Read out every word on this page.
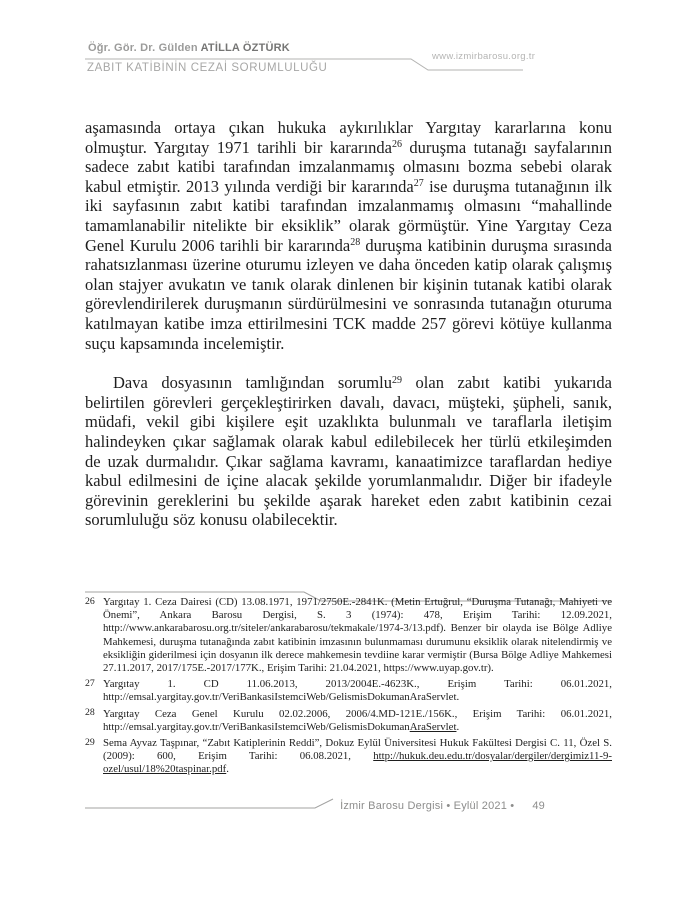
Öğr. Gör. Dr. Gülden ATİLLA ÖZTÜRK
www.izmirbarosu.org.tr
ZABIT KATİBİNİN CEZAİ SORUMLULUĞU
aşamasında ortaya çıkan hukuka aykırılıklar Yargıtay kararlarına konu olmuştur. Yargıtay 1971 tarihli bir kararında$^{26}$ duruşma tutanağı sayfalarının sadece zabıt katibi tarafından imzalanmamış olmasını bozma sebebi olarak kabul etmiştir. 2013 yılında verdiği bir kararında$^{27}$ ise duruşma tutanağının ilk iki sayfasının zabıt katibi tarafından imzalanmamış olmasını “mahallinde tamamlanabilir nitelikte bir eksiklik” olarak görmüştür. Yine Yargıtay Ceza Genel Kurulu 2006 tarihli bir kararında$^{28}$ duruşma katibinin duruşma sırasında rahatsızlanması üzerine oturumu izleyen ve daha önceden katip olarak çalışmış olan stajyer avukatın ve tanık olarak dinlenen bir kişinin tutanak katibi olarak görevlendirilerek duruşmanın sürdürülmesini ve sonrasında tutanağın oturuma katılmayan katibe imza ettirilmesini TCK madde 257 görevi kötüye kullanma suçu kapsamında incelemiştir.
Dava dosyasının tamlığından sorumlu$^{29}$ olan zabıt katibi yukarıda belirtilen görevleri gerçekleştirirken davalı, davacı, müşteki, şüpheli, sanık, müdafi, vekil gibi kişilere eşit uzaklıkta bulunmalı ve taraflarla iletişim halindeyken çıkar sağlamak olarak kabul edilebilecek her türlü etkileşimden de uzak durmalıdır. Çıkar sağlama kavramı, kanaatimizce taraflardan hediye kabul edilmesini de içine alacak şekilde yorumlanmalıdır. Diğer bir ifadeyle görevinin gereklerini bu şekilde aşarak hareket eden zabıt katibinin cezai sorumluluğu söz konusu olabilecektir.
26 Yargıtay 1. Ceza Dairesi (CD) 13.08.1971, 1971/2750E.-2841K. (Metin Ertuğrul, “Duruşma Tutanağı, Mahiyeti ve Önemi”, Ankara Barosu Dergisi, S. 3 (1974): 478, Erişim Tarihi: 12.09.2021, http://www.ankarabarosu.org.tr/siteler/ankarabarosu/tekmakale/1974-3/13.pdf). Benzer bir olayda ise Bölge Adliye Mahkemesi, duruşma tutanağında zabıt katibinin imzasının bulunmaması durumunu eksiklik olarak nitelendirmiş ve eksikliğin giderilmesi için dosyanın ilk derece mahkemesin tevdiine karar vermiştir (Bursa Bölge Adliye Mahkemesi 27.11.2017, 2017/175E.-2017/177K., Erişim Tarihi: 21.04.2021, https://www.uyap.gov.tr).
27 Yargıtay 1. CD 11.06.2013, 2013/2004E.-4623K., Erişim Tarihi: 06.01.2021, http://emsal.yargitay.gov.tr/VeriBankasiIstemciWeb/GelismisDokumanAraServlet.
28 Yargıtay Ceza Genel Kurulu 02.02.2006, 2006/4.MD-121E./156K., Erişim Tarihi: 06.01.2021, http://emsal.yargitay.gov.tr/VeriBankasiIstemciWeb/GelismisDokumanAraServlet.
29 Sema Ayvaz Taşpınar, “Zabıt Katiplerinin Reddi”, Dokuz Eylül Üniversitesi Hukuk Fakültesi Dergisi C. 11, Özel S. (2009): 600, Erişim Tarihi: 06.08.2021, http://hukuk.deu.edu.tr/dosyalar/dergiler/dergimiz11-9-ozel/usul/18%20taspinar.pdf.
İzmir Barosu Dergisi • Eylül 2021 • 49
